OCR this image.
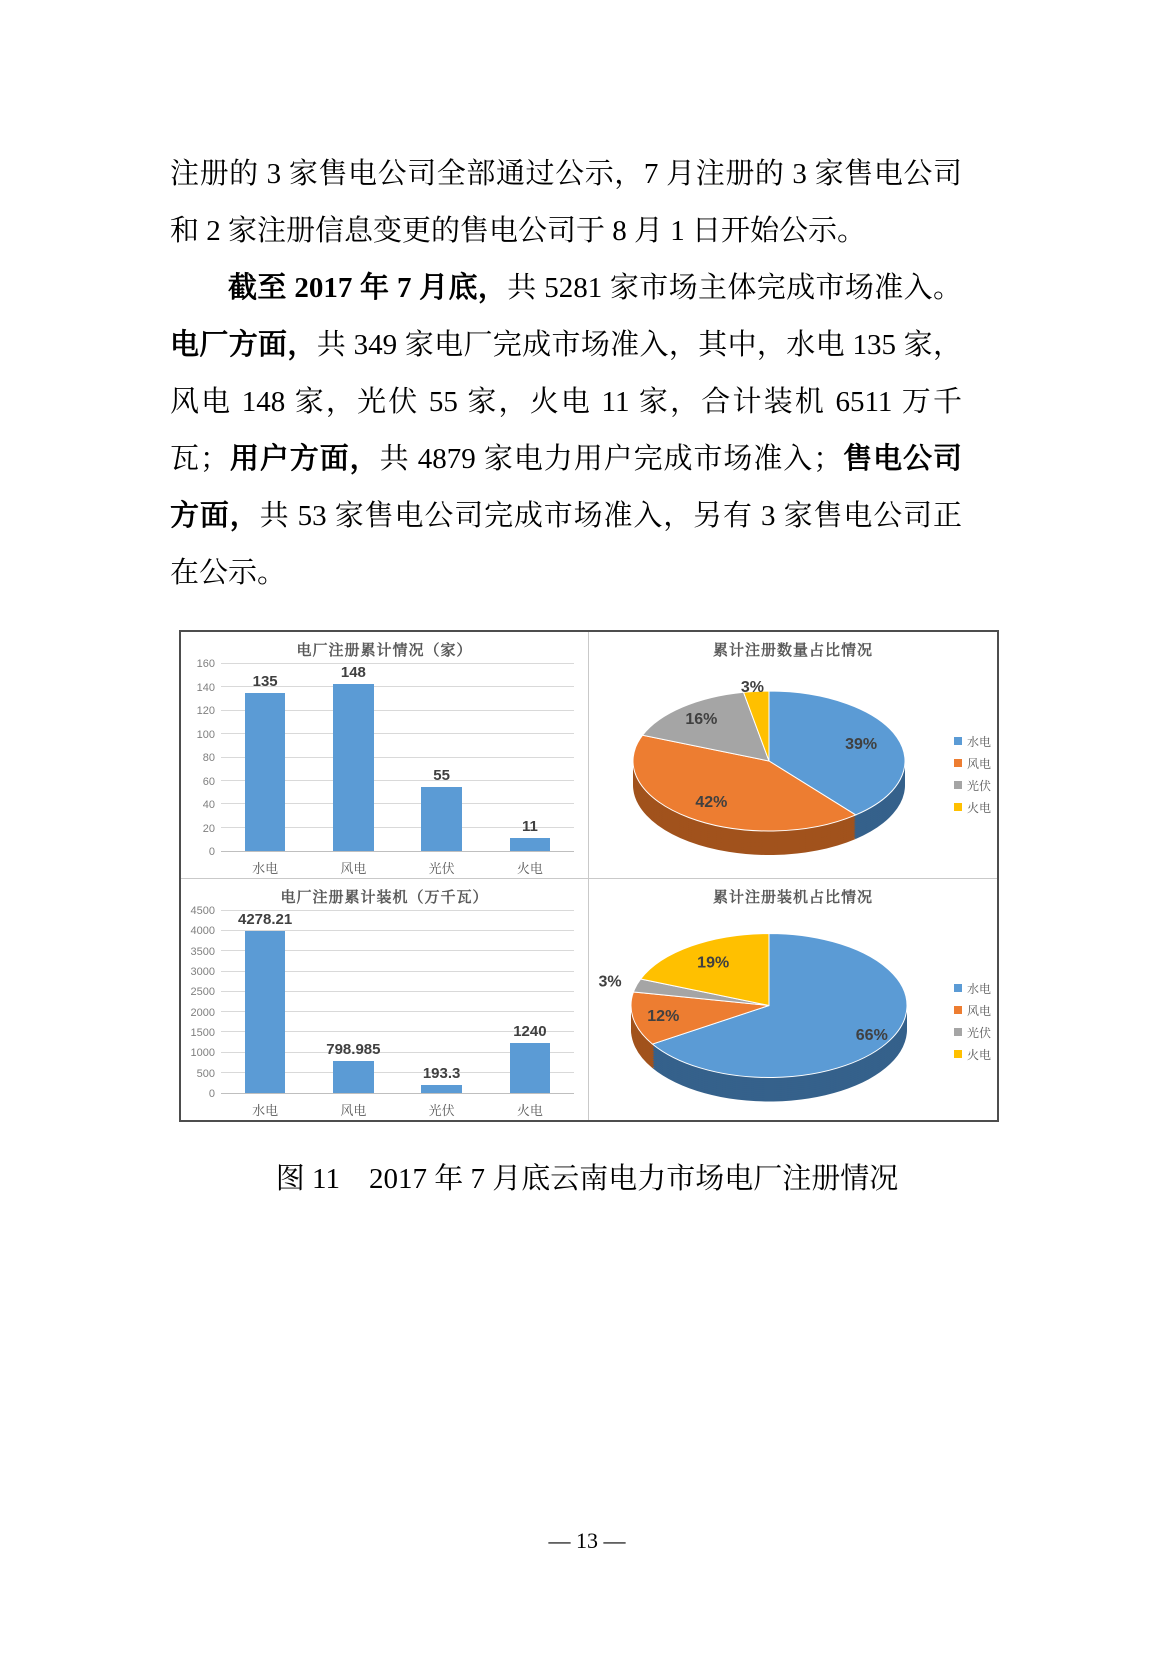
注册的 3 家售电公司全部通过公示，7 月注册的 3 家售电公司和 2 家注册信息变更的售电公司于 8 月 1 日开始公示。

截至 2017 年 7 月底，共 5281 家市场主体完成市场准入。电厂方面，共 349 家电厂完成市场准入，其中，水电 135 家，风电 148 家，光伏 55 家，火电 11 家，合计装机 6511 万千瓦；用户方面，共 4879 家电力用户完成市场准入；售电公司方面，共 53 家售电公司完成市场准入，另有 3 家售电公司正在公示。

电厂注册累计情况（家）
0
20
40
60
80
100
120
140
160
135
148
55
11
水电	风电	光伏	火电
累计注册数量占比情况
39%
42%
16%
3%
水电
风电
光伏
火电
电厂注册累计装机（万千瓦）
0
500
1000
1500
2000
2500
3000
3500
4000
4500 4278.21
798.985
193.3
1240
水电	风电	光伏	火电
累计注册装机占比情况
66%
12%
3%
19%
水电
风电
光伏
火电
图 11　2017 年 7 月底云南电力市场电厂注册情况
— 13 —
